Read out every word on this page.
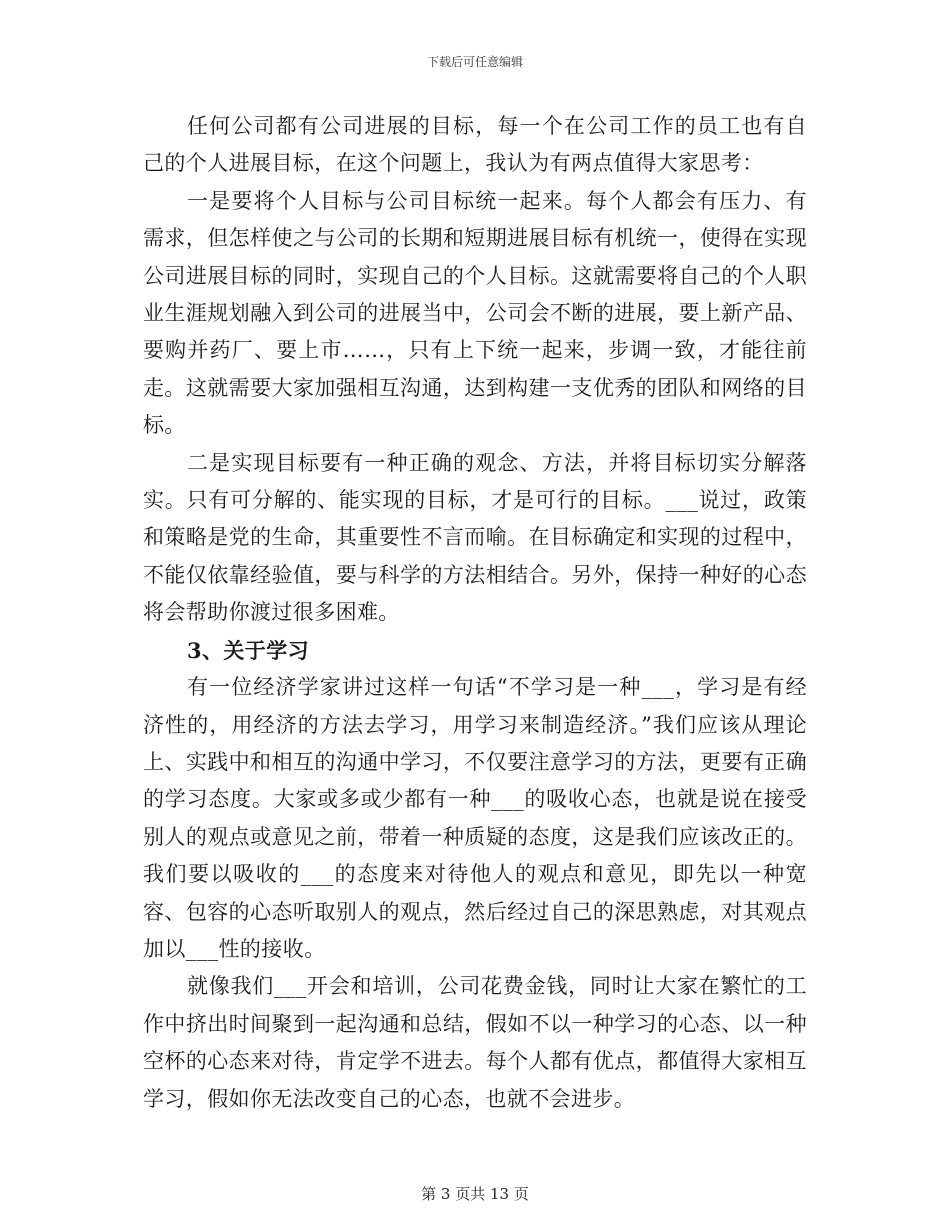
下载后可任意编辑

任何公司都有公司进展的目标，每一个在公司工作的员工也有自己的个人进展目标，在这个问题上，我认为有两点值得大家思考：

一是要将个人目标与公司目标统一起来。每个人都会有压力、有需求，但怎样使之与公司的长期和短期进展目标有机统一，使得在实现公司进展目标的同时，实现自己的个人目标。这就需要将自己的个人职业生涯规划融入到公司的进展当中，公司会不断的进展，要上新产品、要购并药厂、要上市……，只有上下统一起来，步调一致，才能往前走。这就需要大家加强相互沟通，达到构建一支优秀的团队和网络的目标。

二是实现目标要有一种正确的观念、方法，并将目标切实分解落实。只有可分解的、能实现的目标，才是可行的目标。___说过，政策和策略是党的生命，其重要性不言而喻。在目标确定和实现的过程中，不能仅依靠经验值，要与科学的方法相结合。另外，保持一种好的心态将会帮助你渡过很多困难。

3、关于学习

有一位经济学家讲过这样一句话“不学习是一种___，学习是有经济性的，用经济的方法去学习，用学习来制造经济。”我们应该从理论上、实践中和相互的沟通中学习，不仅要注意学习的方法，更要有正确的学习态度。大家或多或少都有一种___的吸收心态，也就是说在接受别人的观点或意见之前，带着一种质疑的态度，这是我们应该改正的。我们要以吸收的___的态度来对待他人的观点和意见，即先以一种宽容、包容的心态听取别人的观点，然后经过自己的深思熟虑，对其观点加以___性的接收。

就像我们___开会和培训，公司花费金钱，同时让大家在繁忙的工作中挤出时间聚到一起沟通和总结，假如不以一种学习的心态、以一种空杯的心态来对待，肯定学不进去。每个人都有优点，都值得大家相互学习，假如你无法改变自己的心态，也就不会进步。

第 3 页共 13 页
